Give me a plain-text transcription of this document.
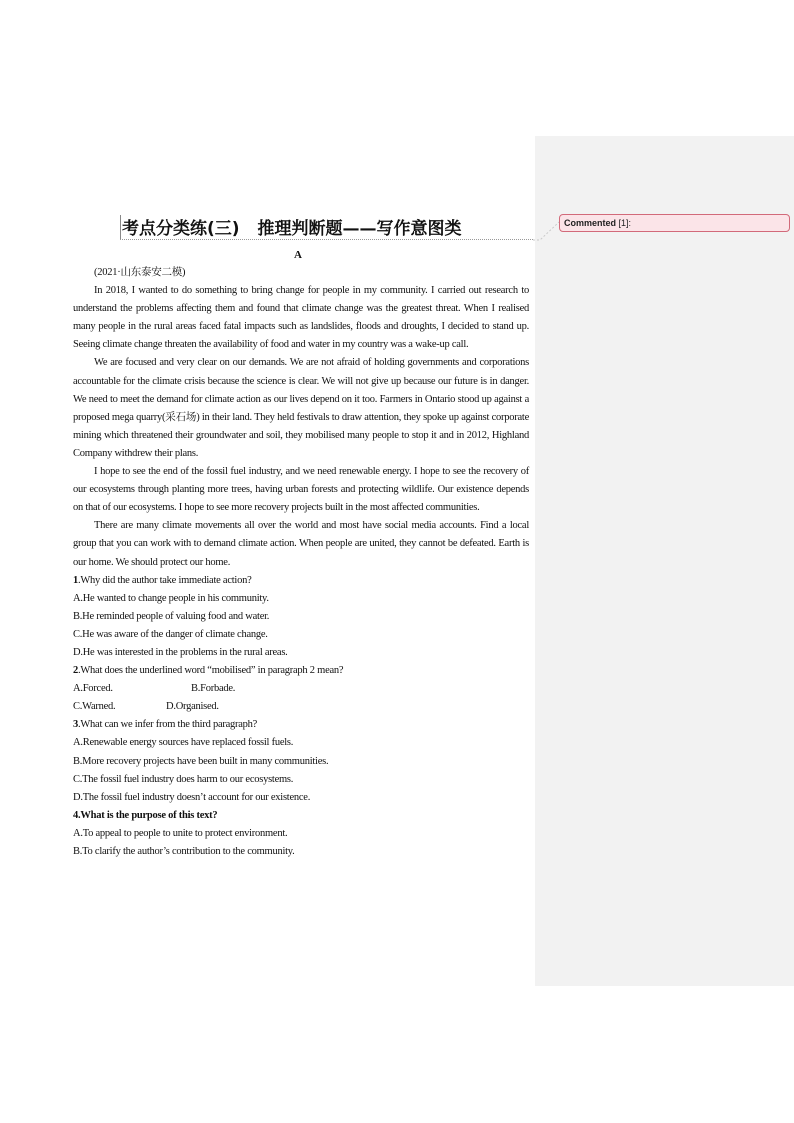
Commented [1]:
考点分类练(三) 推理判断题——写作意图类
A

(2021·山东泰安二模)

In 2018, I wanted to do something to bring change for people in my community. I carried out research to understand the problems affecting them and found that climate change was the greatest threat. When I realised many people in the rural areas faced fatal impacts such as landslides, floods and droughts, I decided to stand up. Seeing climate change threaten the availability of food and water in my country was a wake-up call.

We are focused and very clear on our demands. We are not afraid of holding governments and corporations accountable for the climate crisis because the science is clear. We will not give up because our future is in danger. We need to meet the demand for climate action as our lives depend on it too. Farmers in Ontario stood up against a proposed mega quarry(采石场) in their land. They held festivals to draw attention, they spoke up against corporate mining which threatened their groundwater and soil, they mobilised many people to stop it and in 2012, Highland Company withdrew their plans.

I hope to see the end of the fossil fuel industry, and we need renewable energy. I hope to see the recovery of our ecosystems through planting more trees, having urban forests and protecting wildlife. Our existence depends on that of our ecosystems. I hope to see more recovery projects built in the most affected communities.

There are many climate movements all over the world and most have social media accounts. Find a local group that you can work with to demand climate action. When people are united, they cannot be defeated. Earth is our home. We should protect our home.

1.Why did the author take immediate action?

A.He wanted to change people in his community.

B.He reminded people of valuing food and water.

C.He was aware of the danger of climate change.

D.He was interested in the problems in the rural areas.

2.What does the underlined word “mobilised” in paragraph 2 mean?

A.Forced.	B.Forbade.

C.Warned.	D.Organised.

3.What can we infer from the third paragraph?

A.Renewable energy sources have replaced fossil fuels.

B.More recovery projects have been built in many communities.

C.The fossil fuel industry does harm to our ecosystems.

D.The fossil fuel industry doesn’t account for our existence.

4.What is the purpose of this text?

A.To appeal to people to unite to protect environment.

B.To clarify the author’s contribution to the community.
